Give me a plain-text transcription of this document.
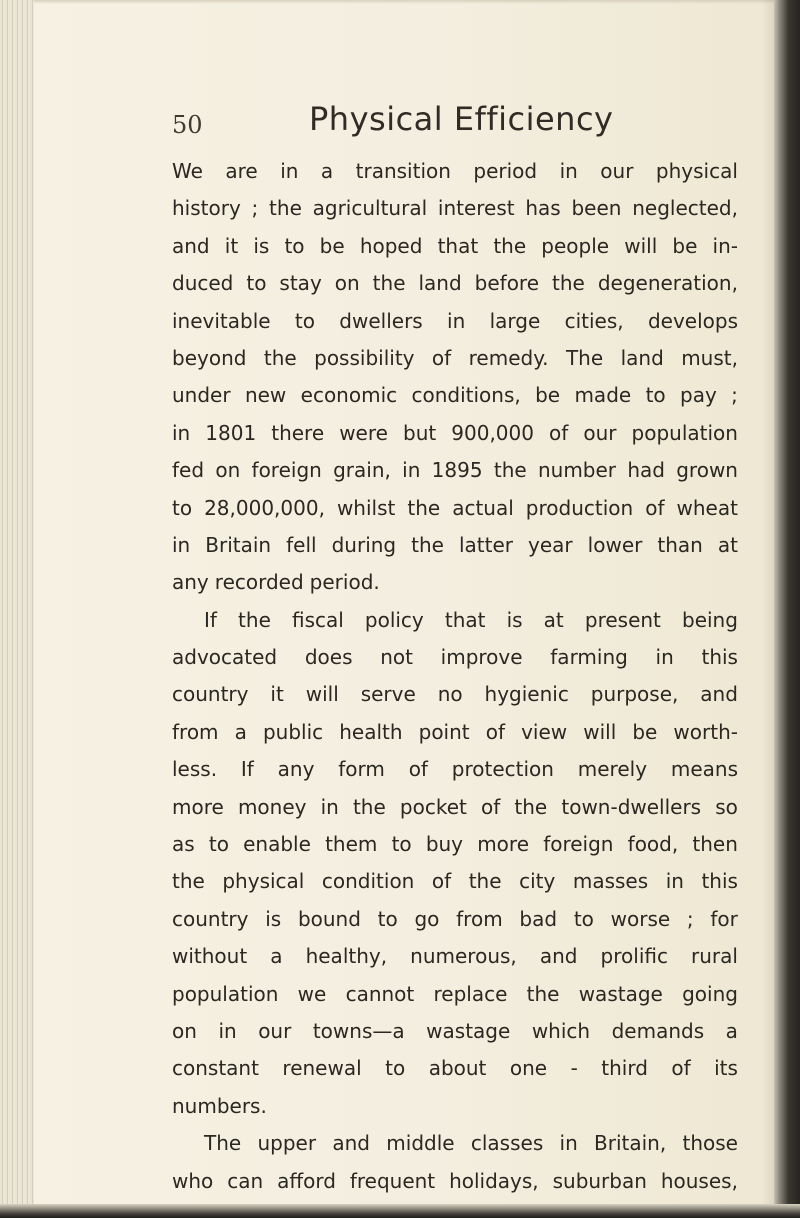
50	Physical Efficiency
We are in a transition period in our physical
history ; the agricultural interest has been neglected,
and it is to be hoped that the people will be in-
duced to stay on the land before the degeneration,
inevitable to dwellers in large cities, develops
beyond the possibility of remedy. The land must,
under new economic conditions, be made to pay ;
in 1801 there were but 900,000 of our population
fed on foreign grain, in 1895 the number had grown
to 28,000,000, whilst the actual production of wheat
in Britain fell during the latter year lower than at
any recorded period.
If the fiscal policy that is at present being
advocated does not improve farming in this
country it will serve no hygienic purpose, and
from a public health point of view will be worth-
less. If any form of protection merely means
more money in the pocket of the town-dwellers so
as to enable them to buy more foreign food, then
the physical condition of the city masses in this
country is bound to go from bad to worse ; for
without a healthy, numerous, and prolific rural
population we cannot replace the wastage going
on in our towns—a wastage which demands a
constant renewal to about one - third of its
numbers.
The upper and middle classes in Britain, those
who can afford frequent holidays, suburban houses,
